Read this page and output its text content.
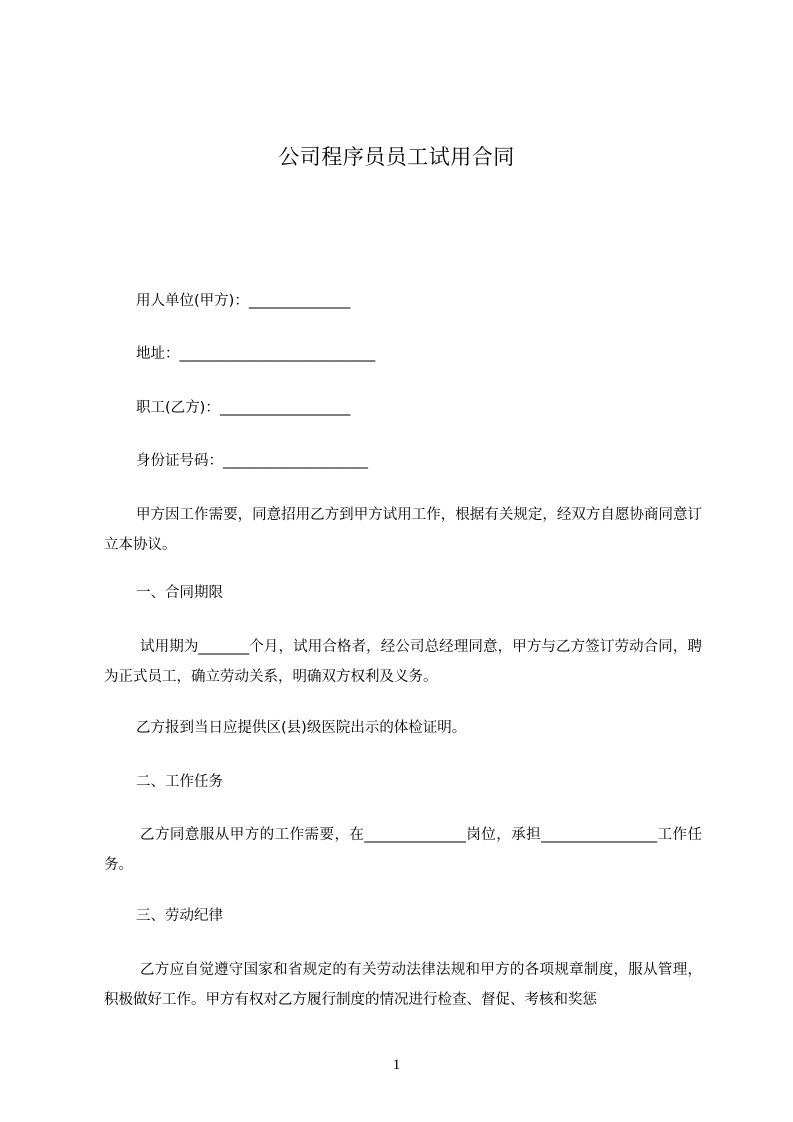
公司程序员员工试用合同
用人单位(甲方)：______________
地址：___________________________
职工(乙方)：__________________
身份证号码：____________________
甲方因工作需要，同意招用乙方到甲方试用工作，根据有关规定，经双方自愿协商同意订立本协议。
一、合同期限
试用期为_______个月，试用合格者，经公司总经理同意，甲方与乙方签订劳动合同，聘为正式员工，确立劳动关系，明确双方权利及义务。
乙方报到当日应提供区(县)级医院出示的体检证明。
二、工作任务
乙方同意服从甲方的工作需要，在______________岗位，承担________________工作任务。
三、劳动纪律
乙方应自觉遵守国家和省规定的有关劳动法律法规和甲方的各项规章制度，服从管理，积极做好工作。甲方有权对乙方履行制度的情况进行检查、督促、考核和奖惩
1
